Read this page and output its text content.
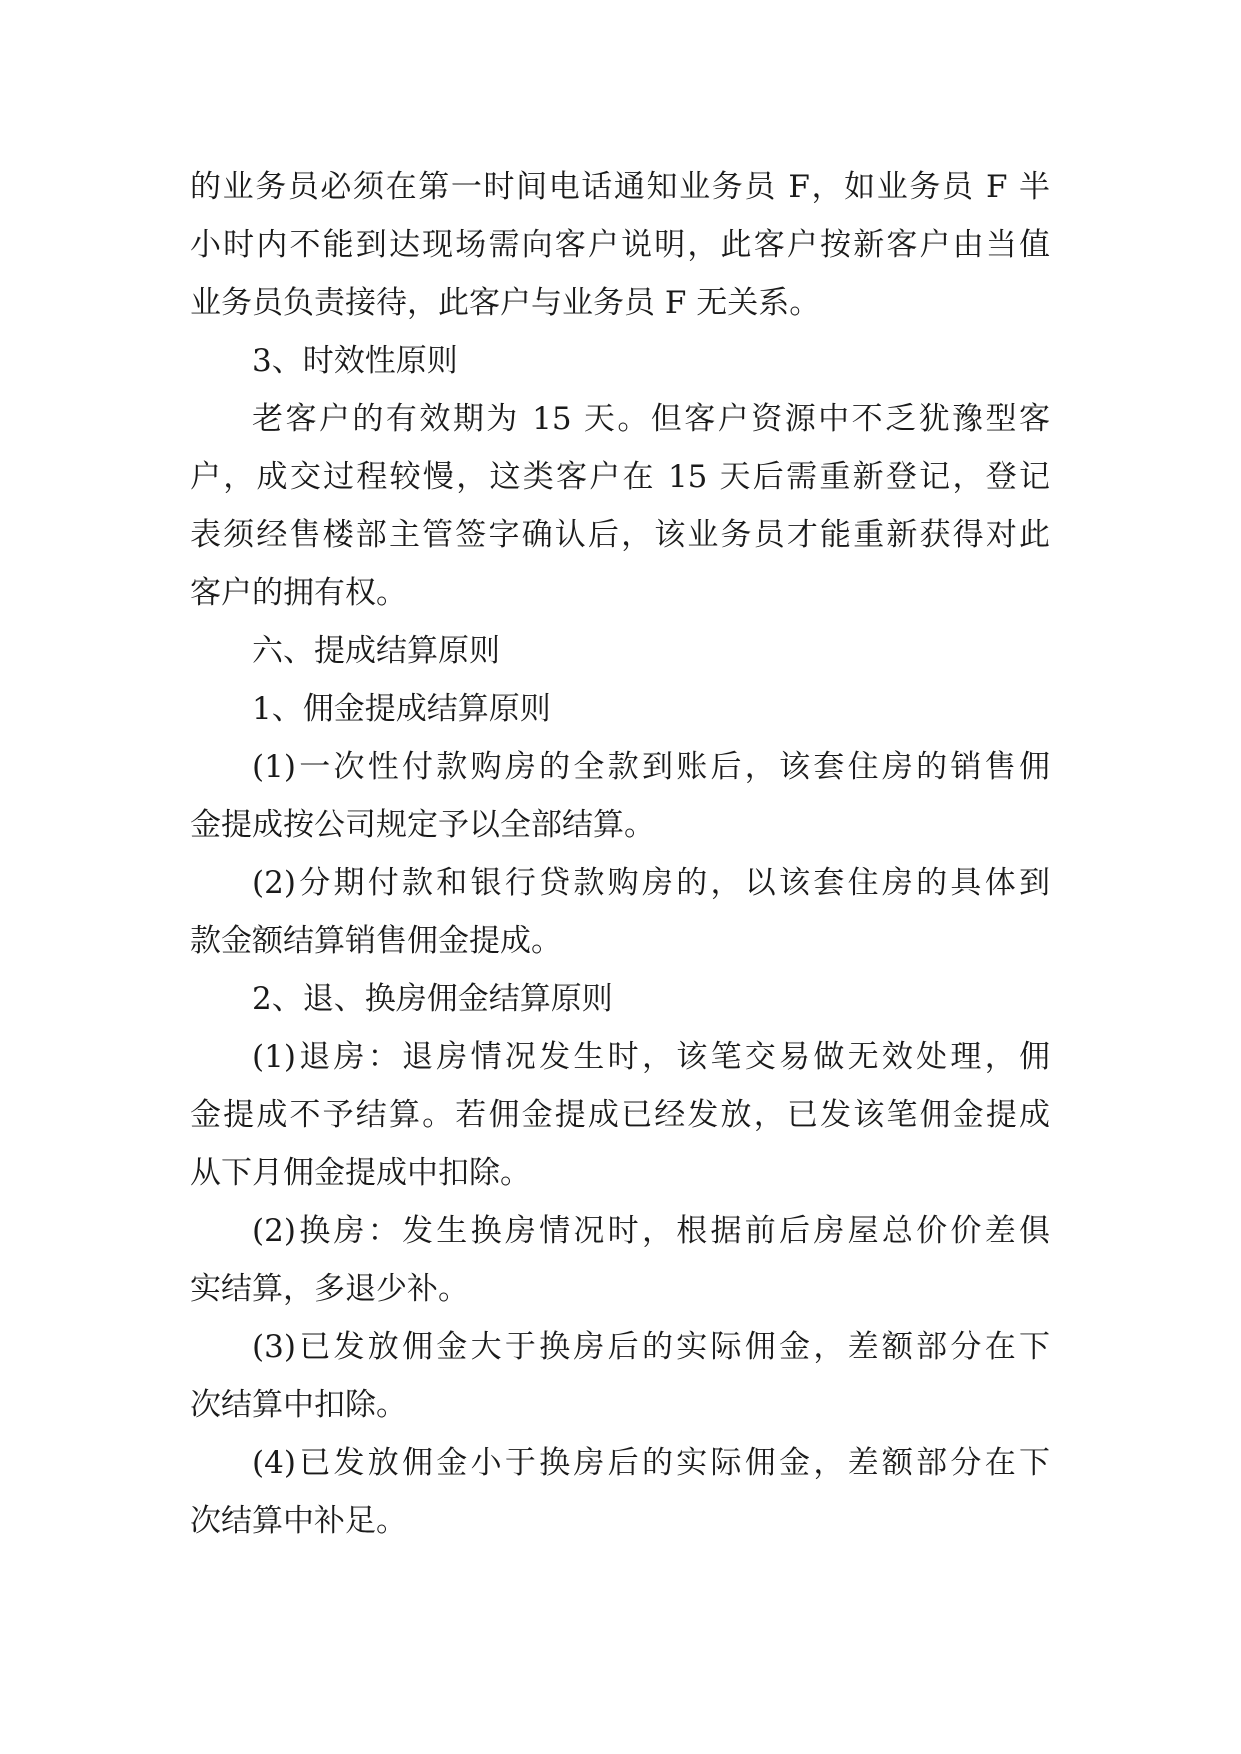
的业务员必须在第一时间电话通知业务员 F，如业务员 F 半
小时内不能到达现场需向客户说明，此客户按新客户由当值
业务员负责接待，此客户与业务员 F 无关系。
3、时效性原则
老客户的有效期为 15 天。但客户资源中不乏犹豫型客
户，成交过程较慢，这类客户在 15 天后需重新登记，登记
表须经售楼部主管签字确认后，该业务员才能重新获得对此
客户的拥有权。
六、提成结算原则
1、佣金提成结算原则
(1)一次性付款购房的全款到账后，该套住房的销售佣
金提成按公司规定予以全部结算。
(2)分期付款和银行贷款购房的，以该套住房的具体到
款金额结算销售佣金提成。
2、退、换房佣金结算原则
(1)退房：退房情况发生时，该笔交易做无效处理，佣
金提成不予结算。若佣金提成已经发放，已发该笔佣金提成
从下月佣金提成中扣除。
(2)换房：发生换房情况时，根据前后房屋总价价差俱
实结算，多退少补。
(3)已发放佣金大于换房后的实际佣金，差额部分在下
次结算中扣除。
(4)已发放佣金小于换房后的实际佣金，差额部分在下
次结算中补足。
